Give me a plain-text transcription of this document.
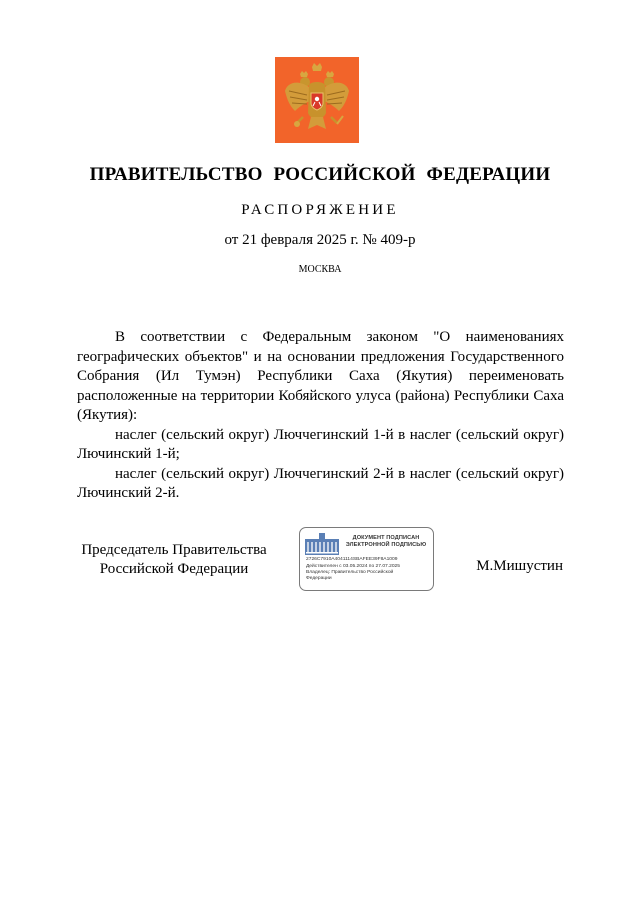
ПРАВИТЕЛЬСТВО РОССИЙСКОЙ ФЕДЕРАЦИИ
РАСПОРЯЖЕНИЕ
от 21 февраля 2025 г. № 409-р
МОСКВА

В соответствии с Федеральным законом "О наименованиях географических объектов" и на основании предложения Государственного Собрания (Ил Тумэн) Республики Саха (Якутия) переименовать расположенные на территории Кобяйского улуса (района) Республики Саха (Якутия):

наслег (сельский округ) Люччегинский 1-й в наслег (сельский округ) Лючинский 1-й;

наслег (сельский округ) Люччегинский 2-й в наслег (сельский округ) Лючинский 2-й.

Председатель Правительства
Российской Федерации
ДОКУМЕНТ ПОДПИСАН
ЭЛЕКТРОННОЙ ПОДПИСЬЮ
2726C7910A4041114SBAFEE39F8A1009
Действителен с 03.05.2024 по 27.07.2025
Владелец: Правительство Российской
Федерации
М.Мишустин
